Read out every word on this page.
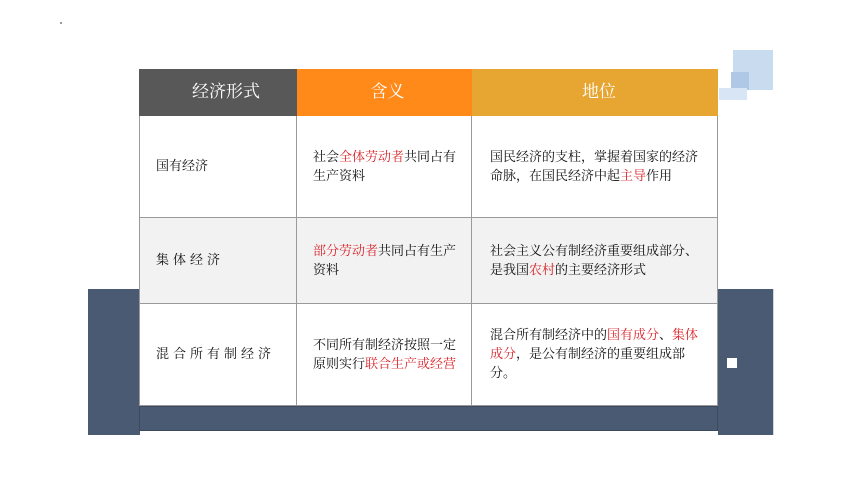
经济形式	含义	地位
国有经济
社会全体劳动者共同占有生产资料
国民经济的支柱，掌握着国家的经济命脉，在国民经济中起主导作用
集体经济
部分劳动者共同占有生产资料
社会主义公有制经济重要组成部分、是我国农村的主要经济形式
混合所有制经济
不同所有制经济按照一定原则实行联合生产或经营
混合所有制经济中的国有成分、集体成分，是公有制经济的重要组成部分。
